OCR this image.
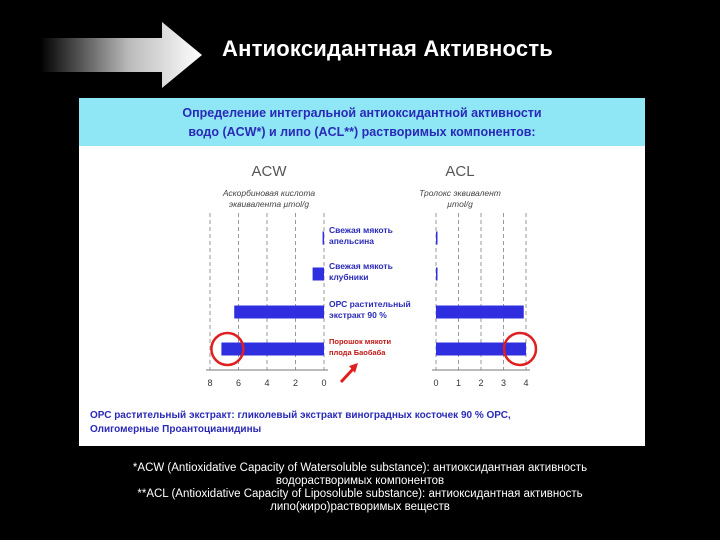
Антиоксидантная Активность
Определение интегральной антиоксидантной активности
водо (ACW*) и липо (ACL**) растворимых компонентов:
ACW
Аскорбиновая кислота
эквивалента µmol/g
8	6	4	2	0
ACL
Тролокс эквивалент
µmol/g
0 1 2 3 4
Свежая мякоть
апельсина
Свежая мякоть
клубники
ОРС растительный
экстракт 90 %
Порошок мякоти
плода Баобаба
ОРС растительный экстракт: гликолевый экстракт виноградных косточек 90 % ОРС,
Олигомерные Проантоцианидины
*ACW (Antioxidative Capacity of Watersoluble substance): антиоксидантная активность
водорастворимых компонентов
**ACL (Antioxidative Capacity of Liposoluble substance): антиоксидантная активность
липо(жиро)растворимых веществ
